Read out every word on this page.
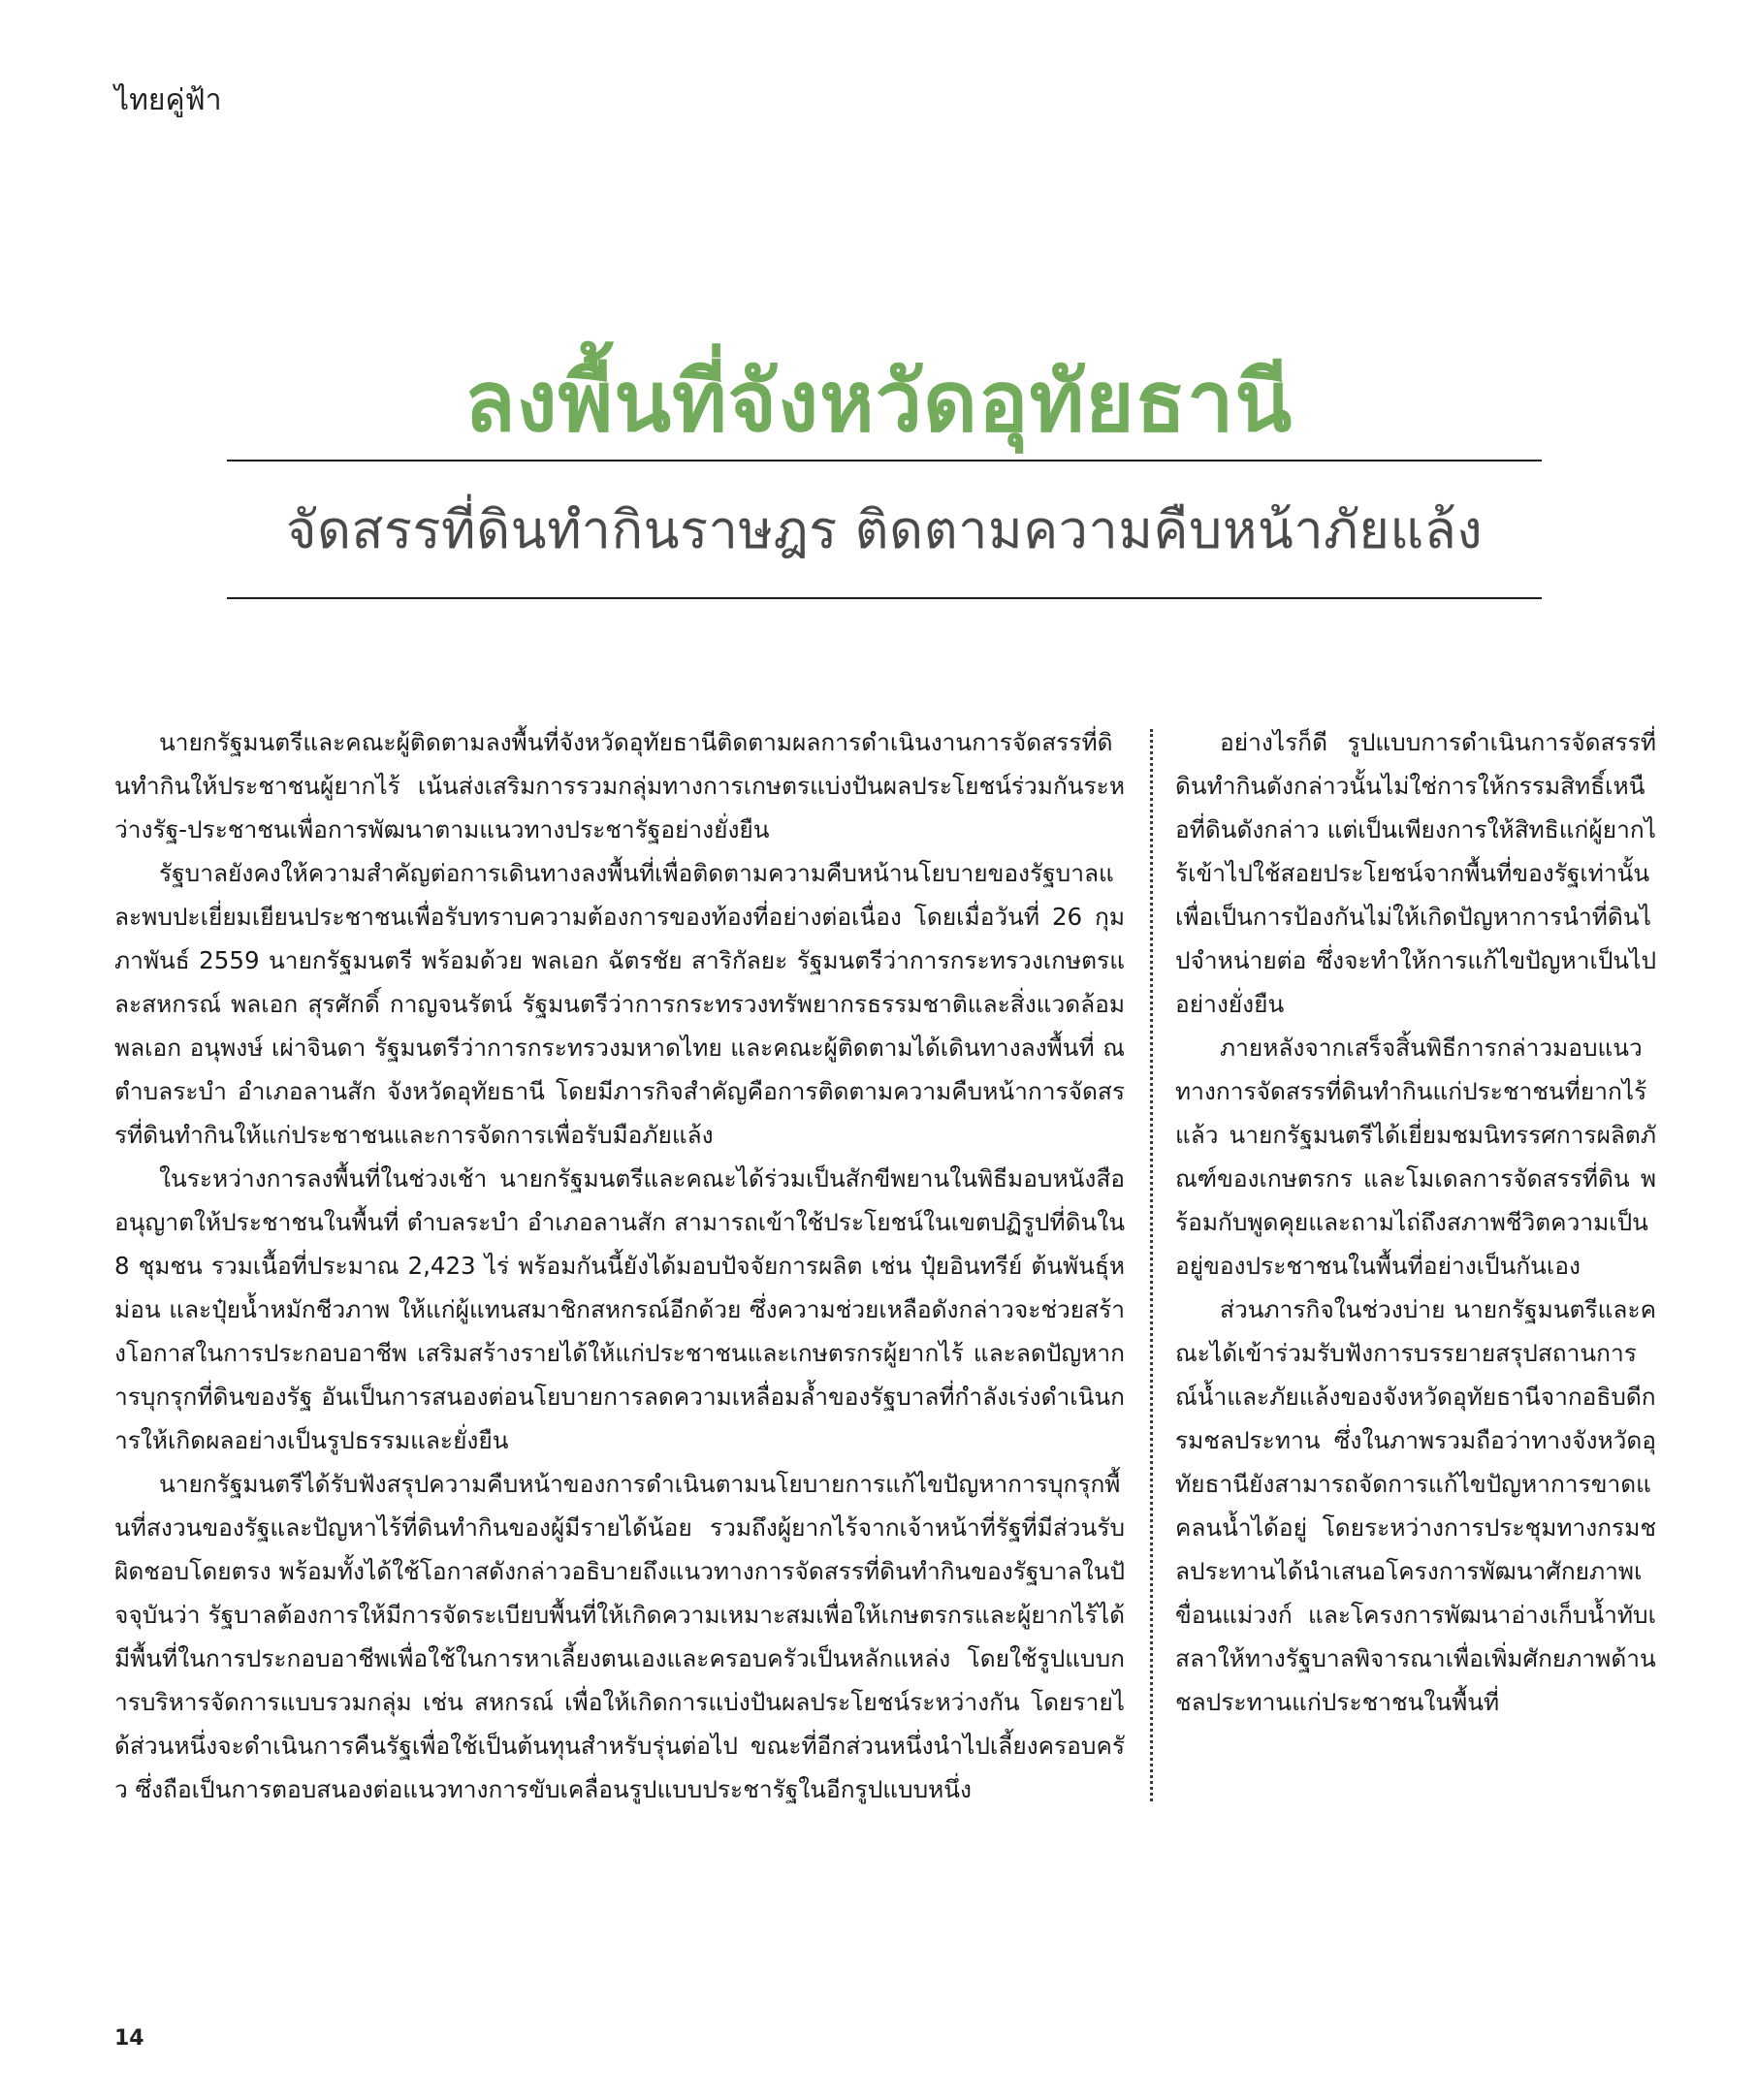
ไทยคู่ฟ้า
ลงพื้นที่จังหวัดอุทัยธานี
จัดสรรที่ดินทำกินราษฎร ติดตามความคืบหน้าภัยแล้ง

นายกรัฐมนตรีและคณะผู้ติดตามลงพื้นที่จังหวัดอุทัยธานีติดตามผลการดำเนินงานการจัดสรรที่ดินทำกินให้ประชาชนผู้ยากไร้ เน้นส่งเสริมการรวมกลุ่มทางการเกษตรแบ่งปันผลประโยชน์ร่วมกันระหว่างรัฐ-ประชาชนเพื่อการพัฒนาตามแนวทางประชารัฐอย่างยั่งยืน

รัฐบาลยังคงให้ความสำคัญต่อการเดินทางลงพื้นที่เพื่อติดตามความคืบหน้านโยบายของรัฐบาลและพบปะเยี่ยมเยียนประชาชนเพื่อรับทราบความต้องการของท้องที่อย่างต่อเนื่อง โดยเมื่อวันที่ 26 กุมภาพันธ์ 2559 นายกรัฐมนตรี พร้อมด้วย พลเอก ฉัตรชัย สาริกัลยะ รัฐมนตรีว่าการกระทรวงเกษตรและสหกรณ์ พลเอก สุรศักดิ์ กาญจนรัตน์ รัฐมนตรีว่าการกระทรวงทรัพยากรธรรมชาติและสิ่งแวดล้อม พลเอก อนุพงษ์ เผ่าจินดา รัฐมนตรีว่าการกระทรวงมหาดไทย และคณะผู้ติดตามได้เดินทางลงพื้นที่ ณ ตำบลระบำ อำเภอลานสัก จังหวัดอุทัยธานี โดยมีภารกิจสำคัญคือการติดตามความคืบหน้าการจัดสรรที่ดินทำกินให้แก่ประชาชนและการจัดการเพื่อรับมือภัยแล้ง

ในระหว่างการลงพื้นที่ในช่วงเช้า นายกรัฐมนตรีและคณะได้ร่วมเป็นสักขีพยานในพิธีมอบหนังสืออนุญาตให้ประชาชนในพื้นที่ ตำบลระบำ อำเภอลานสัก สามารถเข้าใช้ประโยชน์ในเขตปฏิรูปที่ดินใน 8 ชุมชน รวมเนื้อที่ประมาณ 2,423 ไร่ พร้อมกันนี้ยังได้มอบปัจจัยการผลิต เช่น ปุ๋ยอินทรีย์ ต้นพันธุ์หม่อน และปุ๋ยน้ำหมักชีวภาพ ให้แก่ผู้แทนสมาชิกสหกรณ์อีกด้วย ซึ่งความช่วยเหลือดังกล่าวจะช่วยสร้างโอกาสในการประกอบอาชีพ เสริมสร้างรายได้ให้แก่ประชาชนและเกษตรกรผู้ยากไร้ และลดปัญหาการบุกรุกที่ดินของรัฐ อันเป็นการสนองต่อนโยบายการลดความเหลื่อมล้ำของรัฐบาลที่กำลังเร่งดำเนินการให้เกิดผลอย่างเป็นรูปธรรมและยั่งยืน

นายกรัฐมนตรีได้รับฟังสรุปความคืบหน้าของการดำเนินตามนโยบายการแก้ไขปัญหาการบุกรุกพื้นที่สงวนของรัฐและปัญหาไร้ที่ดินทำกินของผู้มีรายได้น้อย รวมถึงผู้ยากไร้จากเจ้าหน้าที่รัฐที่มีส่วนรับผิดชอบโดยตรง พร้อมทั้งได้ใช้โอกาสดังกล่าวอธิบายถึงแนวทางการจัดสรรที่ดินทำกินของรัฐบาลในปัจจุบันว่า รัฐบาลต้องการให้มีการจัดระเบียบพื้นที่ให้เกิดความเหมาะสมเพื่อให้เกษตรกรและผู้ยากไร้ได้มีพื้นที่ในการประกอบอาชีพเพื่อใช้ในการหาเลี้ยงตนเองและครอบครัวเป็นหลักแหล่ง โดยใช้รูปแบบการบริหารจัดการแบบรวมกลุ่ม เช่น สหกรณ์ เพื่อให้เกิดการแบ่งปันผลประโยชน์ระหว่างกัน โดยรายได้ส่วนหนึ่งจะดำเนินการคืนรัฐเพื่อใช้เป็นต้นทุนสำหรับรุ่นต่อไป ขณะที่อีกส่วนหนึ่งนำไปเลี้ยงครอบครัว ซึ่งถือเป็นการตอบสนองต่อแนวทางการขับเคลื่อนรูปแบบประชารัฐในอีกรูปแบบหนึ่ง

อย่างไรก็ดี รูปแบบการดำเนินการจัดสรรที่ดินทำกินดังกล่าวนั้นไม่ใช่การให้กรรมสิทธิ์เหนือที่ดินดังกล่าว แต่เป็นเพียงการให้สิทธิแก่ผู้ยากไร้เข้าไปใช้สอยประโยชน์จากพื้นที่ของรัฐเท่านั้น เพื่อเป็นการป้องกันไม่ให้เกิดปัญหาการนำที่ดินไปจำหน่ายต่อ ซึ่งจะทำให้การแก้ไขปัญหาเป็นไปอย่างยั่งยืน

ภายหลังจากเสร็จสิ้นพิธีการกล่าวมอบแนวทางการจัดสรรที่ดินทำกินแก่ประชาชนที่ยากไร้แล้ว นายกรัฐมนตรีได้เยี่ยมชมนิทรรศการผลิตภัณฑ์ของเกษตรกร และโมเดลการจัดสรรที่ดิน พร้อมกับพูดคุยและถามไถ่ถึงสภาพชีวิตความเป็นอยู่ของประชาชนในพื้นที่อย่างเป็นกันเอง

ส่วนภารกิจในช่วงบ่าย นายกรัฐมนตรีและคณะได้เข้าร่วมรับฟังการบรรยายสรุปสถานการณ์น้ำและภัยแล้งของจังหวัดอุทัยธานีจากอธิบดีกรมชลประทาน ซึ่งในภาพรวมถือว่าทางจังหวัดอุทัยธานียังสามารถจัดการแก้ไขปัญหาการขาดแคลนน้ำได้อยู่ โดยระหว่างการประชุมทางกรมชลประทานได้นำเสนอโครงการพัฒนาศักยภาพเขื่อนแม่วงก์ และโครงการพัฒนาอ่างเก็บน้ำทับเสลาให้ทางรัฐบาลพิจารณาเพื่อเพิ่มศักยภาพด้านชลประทานแก่ประชาชนในพื้นที่

14
